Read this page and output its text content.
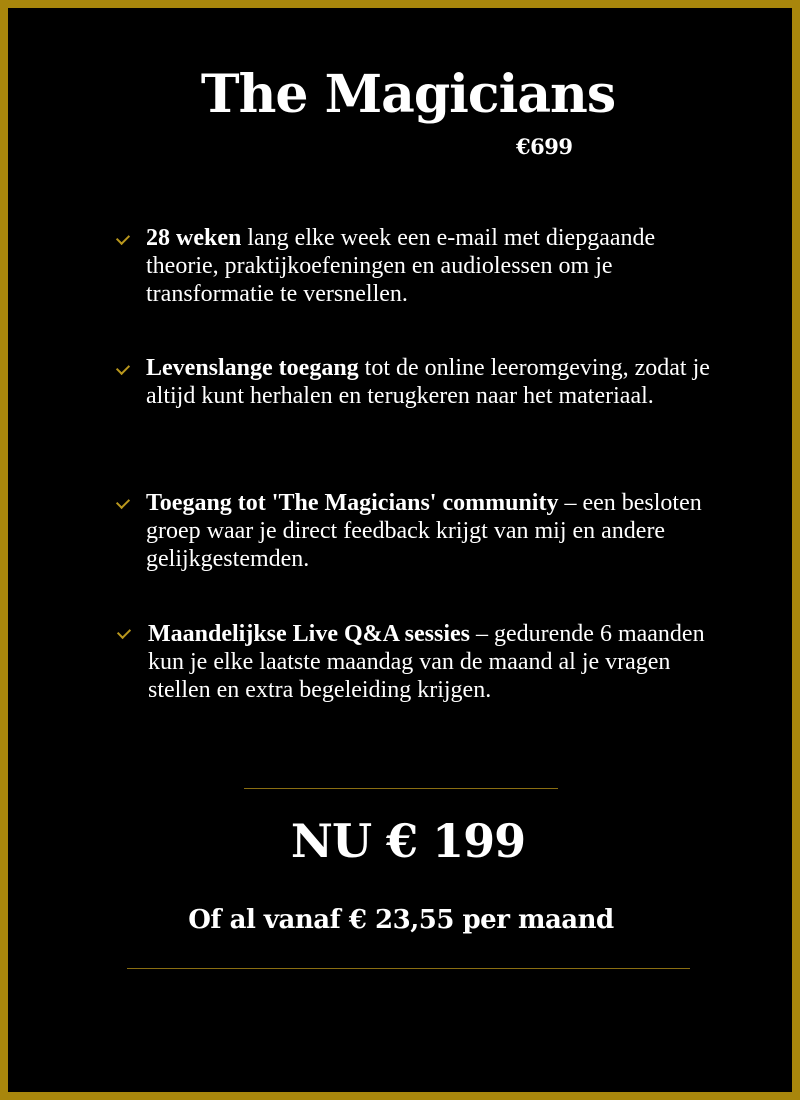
The Magicians
€699
28 weken lang elke week een e-mail met diepgaande theorie, praktijkoefeningen en audiolessen om je transformatie te versnellen.
Levenslange toegang tot de online leeromgeving, zodat je altijd kunt herhalen en terugkeren naar het materiaal.
Toegang tot 'The Magicians' community – een besloten groep waar je direct feedback krijgt van mij en andere gelijkgestemden.
Maandelijkse Live Q&A sessies – gedurende 6 maanden kun je elke laatste maandag van de maand al je vragen stellen en extra begeleiding krijgen.
NU € 199
Of al vanaf € 23,55 per maand
